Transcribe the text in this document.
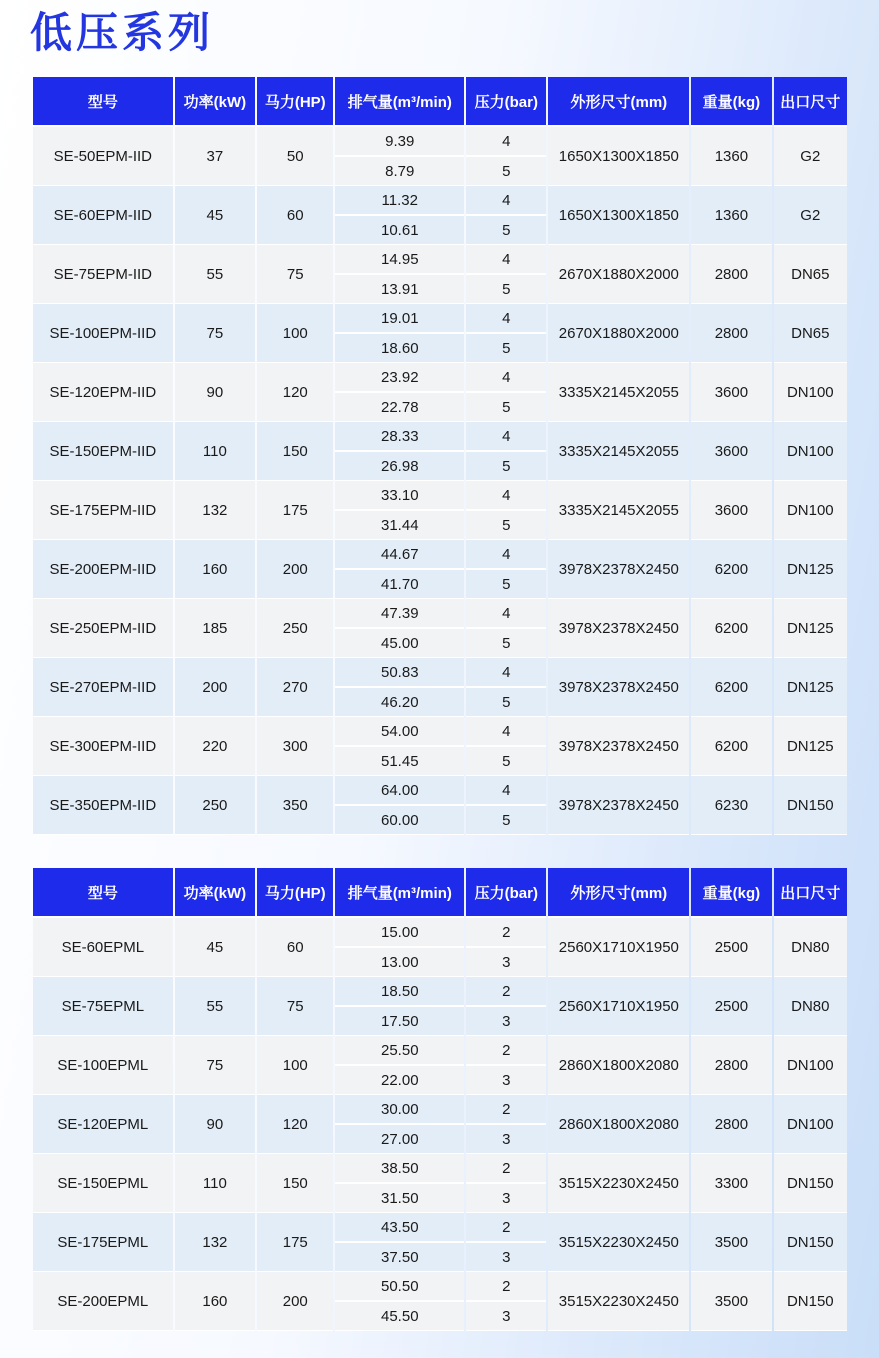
低压系列
型号	功率(kW)	马力(HP)	排气量(m³/min)	压力(bar)	外形尺寸(mm)	重量(kg)	出口尺寸
SE-50EPM-IID	37	50	9.39	4	1650X1300X1850	1360	G2
			8.79	5			
SE-60EPM-IID	45	60	11.32	4	1650X1300X1850	1360	G2
			10.61	5			
SE-75EPM-IID	55	75	14.95	4	2670X1880X2000	2800	DN65
			13.91	5			
SE-100EPM-IID	75	100	19.01	4	2670X1880X2000	2800	DN65
			18.60	5			
SE-120EPM-IID	90	120	23.92	4	3335X2145X2055	3600	DN100
			22.78	5			
SE-150EPM-IID	110	150	28.33	4	3335X2145X2055	3600	DN100
			26.98	5			
SE-175EPM-IID	132	175	33.10	4	3335X2145X2055	3600	DN100
			31.44	5			
SE-200EPM-IID	160	200	44.67	4	3978X2378X2450	6200	DN125
			41.70	5			
SE-250EPM-IID	185	250	47.39	4	3978X2378X2450	6200	DN125
			45.00	5			
SE-270EPM-IID	200	270	50.83	4	3978X2378X2450	6200	DN125
			46.20	5			
SE-300EPM-IID	220	300	54.00	4	3978X2378X2450	6200	DN125
			51.45	5			
SE-350EPM-IID	250	350	64.00	4	3978X2378X2450	6230	DN150
			60.00	5			
型号	功率(kW)	马力(HP)	排气量(m³/min)	压力(bar)	外形尺寸(mm)	重量(kg)	出口尺寸
SE-60EPML	45	60	15.00	2	2560X1710X1950	2500	DN80
			13.00	3			
SE-75EPML	55	75	18.50	2	2560X1710X1950	2500	DN80
			17.50	3			
SE-100EPML	75	100	25.50	2	2860X1800X2080	2800	DN100
			22.00	3			
SE-120EPML	90	120	30.00	2	2860X1800X2080	2800	DN100
			27.00	3			
SE-150EPML	110	150	38.50	2	3515X2230X2450	3300	DN150
			31.50	3			
SE-175EPML	132	175	43.50	2	3515X2230X2450	3500	DN150
			37.50	3			
SE-200EPML	160	200	50.50	2	3515X2230X2450	3500	DN150
			45.50	3			
